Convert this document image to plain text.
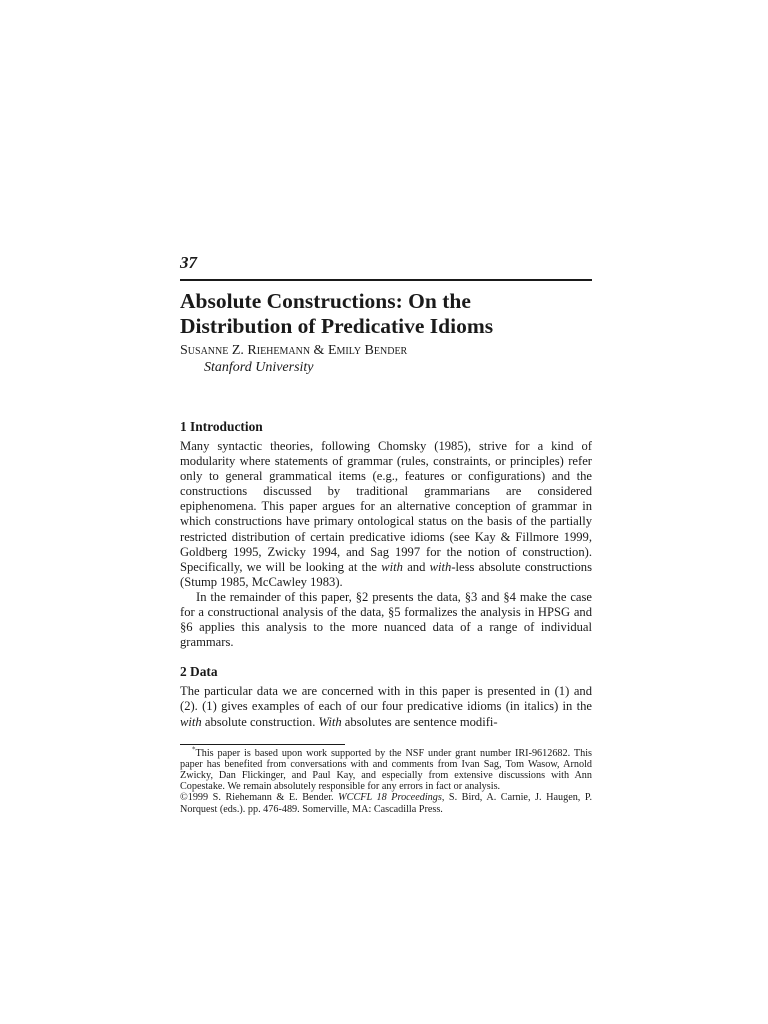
37

Absolute Constructions: On the
Distribution of Predicative Idioms
Susanne Z. Riehemann & Emily Bender
Stanford University
1 Introduction

Many syntactic theories, following Chomsky (1985), strive for a kind of modularity where statements of grammar (rules, constraints, or principles) refer only to general grammatical items (e.g., features or configurations) and the constructions discussed by traditional grammarians are considered epiphenomena. This paper argues for an alternative conception of grammar in which constructions have primary ontological status on the basis of the partially restricted distribution of certain predicative idioms (see Kay & Fillmore 1999, Goldberg 1995, Zwicky 1994, and Sag 1997 for the notion of construction). Specifically, we will be looking at the with and with-less absolute constructions (Stump 1985, McCawley 1983).

In the remainder of this paper, §2 presents the data, §3 and §4 make the case for a constructional analysis of the data, §5 formalizes the analysis in HPSG and §6 applies this analysis to the more nuanced data of a range of individual grammars.

2 Data

The particular data we are concerned with in this paper is presented in (1) and (2). (1) gives examples of each of our four predicative idioms (in italics) in the with absolute construction. With absolutes are sentence modifi-

*This paper is based upon work supported by the NSF under grant number IRI-9612682. This paper has benefited from conversations with and comments from Ivan Sag, Tom Wasow, Arnold Zwicky, Dan Flickinger, and Paul Kay, and especially from extensive discussions with Ann Copestake. We remain absolutely responsible for any errors in fact or analysis.

©1999 S. Riehemann & E. Bender. WCCFL 18 Proceedings, S. Bird, A. Carnie, J. Haugen, P. Norquest (eds.). pp. 476-489. Somerville, MA: Cascadilla Press.
